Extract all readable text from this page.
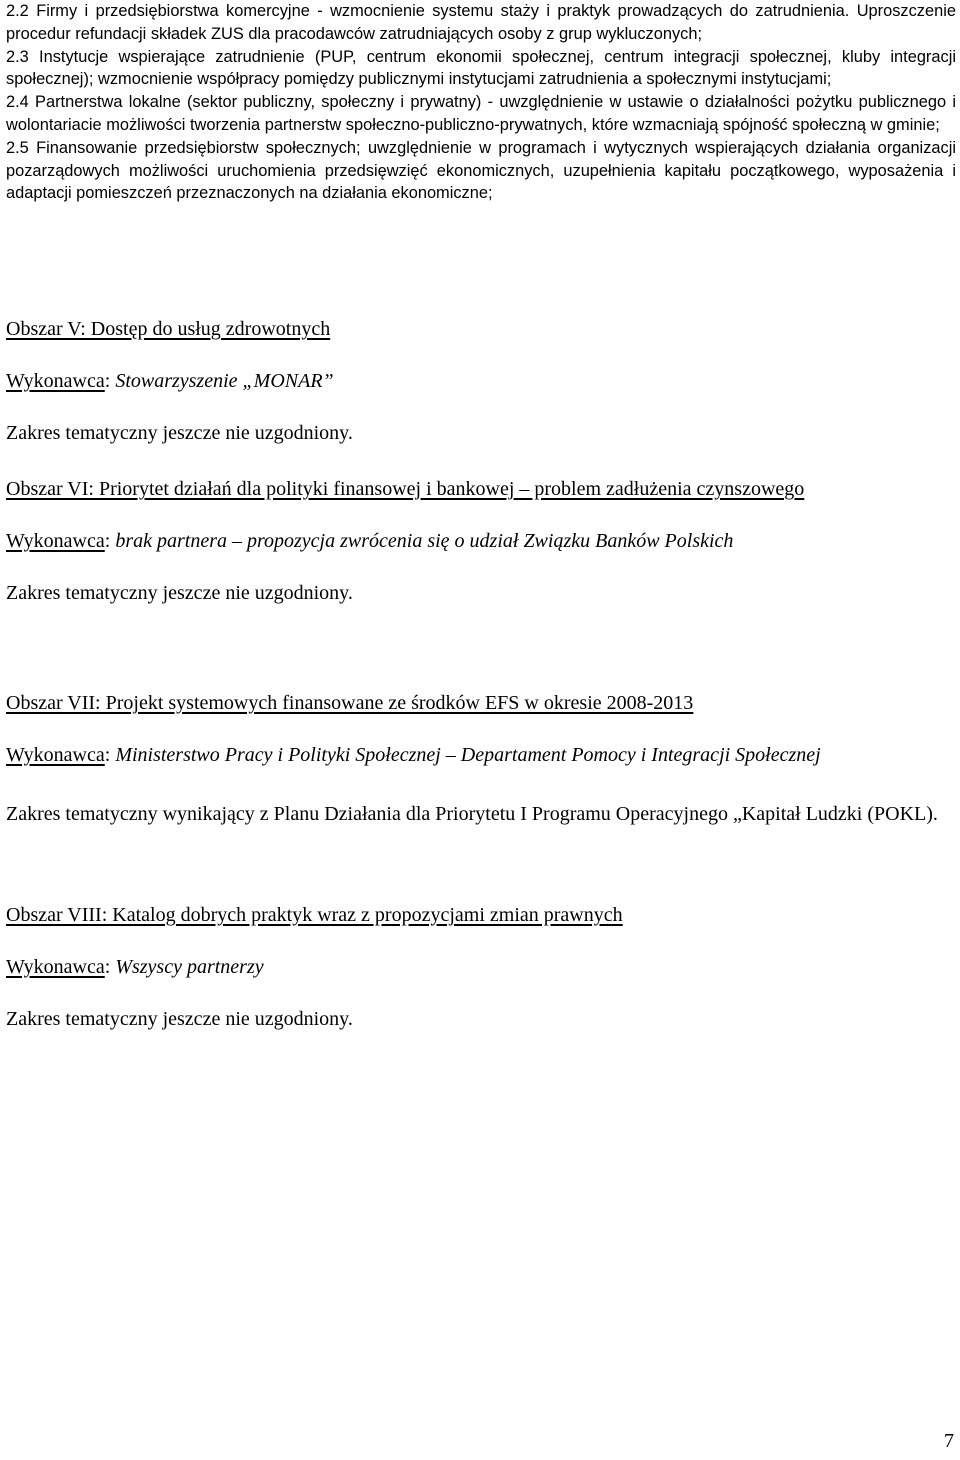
2.2 Firmy i przedsiębiorstwa komercyjne - wzmocnienie systemu stażу i praktyk prowadzących do zatrudnienia. Uproszczenie procedur refundacji składek ZUS dla pracodawców zatrudniających osoby z grup wykluczonych;

2.3 Instytucje wspierające zatrudnienie (PUP, centrum ekonomii społecznej, centrum integracji społecznej, kluby integracji społecznej); wzmocnienie współpracy pomiędzy publicznymi instytucjami zatrudnienia a społecznymi instytucjami;

2.4 Partnerstwa lokalne (sektor publiczny, społeczny i prywatny) - uwzględnienie w ustawie o działalności pożytku publicznego i wolontariacie możliwości tworzenia partnerstw społeczno-publiczno-prywatnych, które wzmacniają spójność społeczną w gminie;

2.5 Finansowanie przedsiębiorstw społecznych; uwzględnienie w programach i wytycznych wspierających działania organizacji pozarządowych możliwości uruchomienia przedsięwzięć ekonomicznych, uzupełnienia kapitału początkowego, wyposażenia i adaptacji pomieszczeń przeznaczonych na działania ekonomiczne;

Obszar V: Dostęp do usług zdrowotnych

Wykonawca: Stowarzyszenie „MONAR”

Zakres tematyczny jeszcze nie uzgodniony.

Obszar VI: Priorytet działań dla polityki finansowej i bankowej – problem zadłużenia czynszowego

Wykonawca: brak partnera – propozycja zwrócenia się o udział Związku Banków Polskich

Zakres tematyczny jeszcze nie uzgodniony.

Obszar VII: Projekt systemowych finansowane ze środków EFS w okresie 2008-2013

Wykonawca: Ministerstwo Pracy i Polityki Społecznej – Departament Pomocy i Integracji Społecznej

Zakres tematyczny wynikający z Planu Działania dla Priorytetu I Programu Operacyjnego „Kapitał Ludzki (POKL).

Obszar VIII: Katalog dobrych praktyk wraz z propozycjami zmian prawnych

Wykonawca: Wszyscy partnerzy

Zakres tematyczny jeszcze nie uzgodniony.

7
